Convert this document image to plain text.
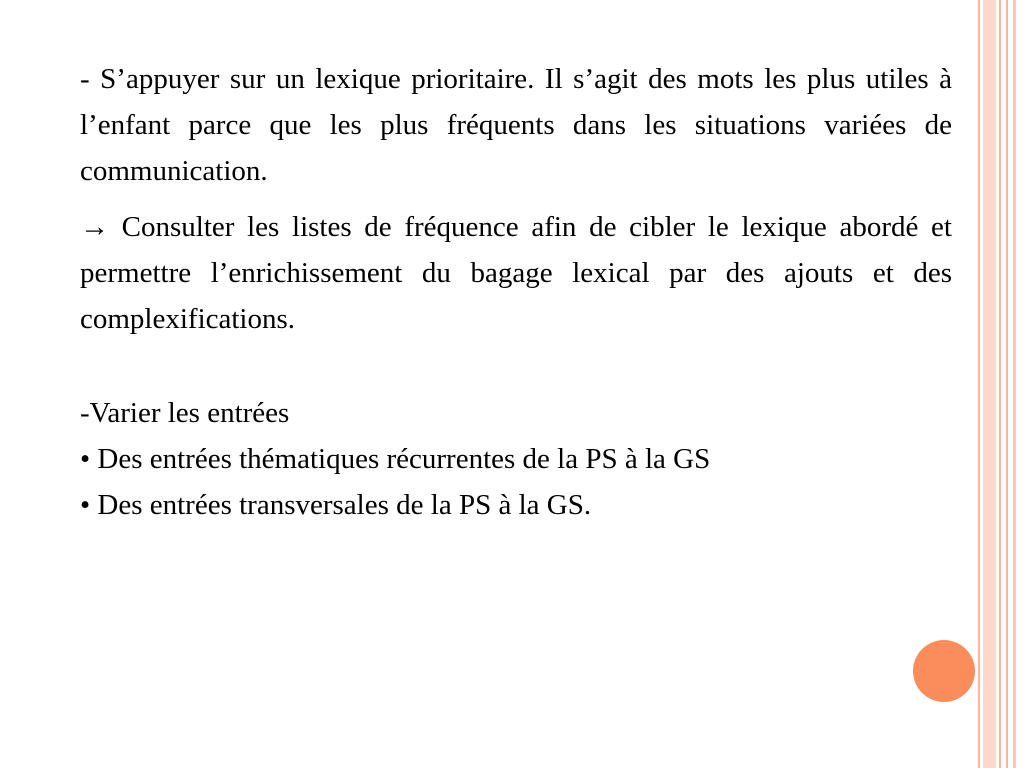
- S’appuyer sur un lexique prioritaire. Il s’agit des mots les plus utiles à l’enfant parce que les plus fréquents dans les situations variées de communication.

→ Consulter les listes de fréquence afin de cibler le lexique abordé et permettre l’enrichissement du bagage lexical par des ajouts et des complexifications.

-Varier les entrées

• Des entrées thématiques récurrentes de la PS à la GS

• Des entrées transversales de la PS à la GS.
